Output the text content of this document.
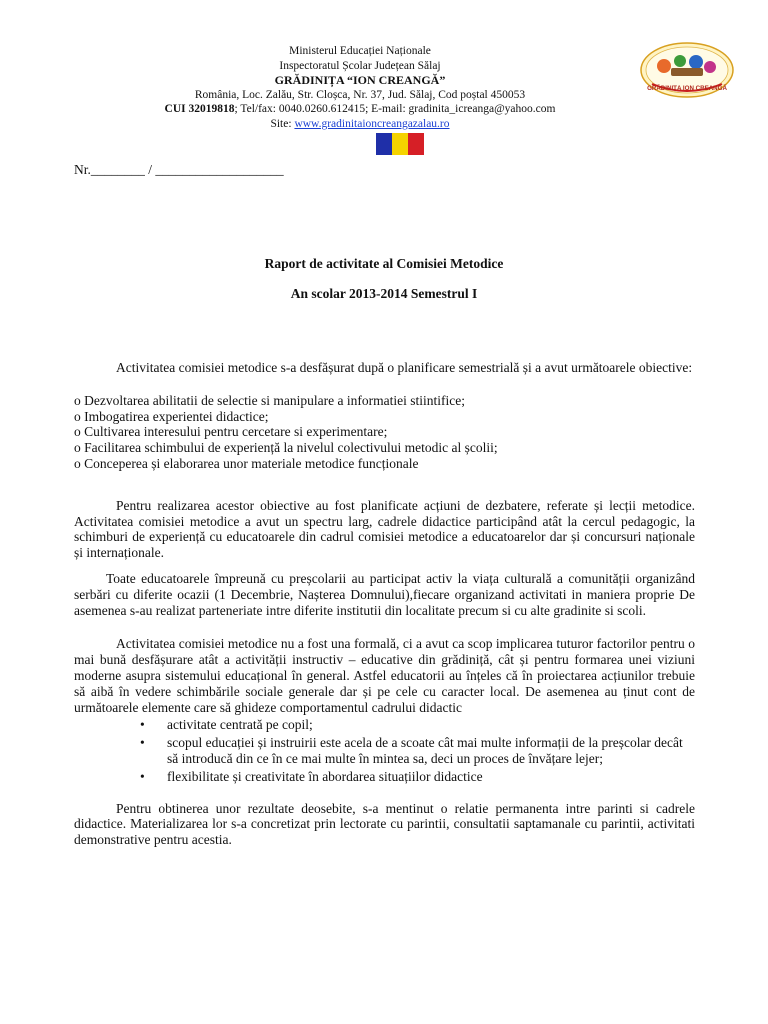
Ministerul Educației Naționale
Inspectoratul Școlar Județean Sălaj
GRĂDINIȚA “ION CREANGĂ”
România, Loc. Zalău, Str. Cloșca, Nr. 37, Jud. Sălaj, Cod poștal 450053
CUI 32019818; Tel/fax: 0040.0260.612415; E-mail: gradinita_icreanga@yahoo.com
Site: www.gradinitaioncreangazalau.ro
GRĂDINIȚA ION CREANGĂ
Nr.________ / ___________________
Raport de activitate al Comisiei Metodice
An scolar 2013-2014 Semestrul I

Activitatea comisiei metodice s-a desfășurat după o planificare semestrială și a avut următoarele obiective:

o Dezvoltarea abilitatii de selectie si manipulare a informatiei stiintifice;
o Imbogatirea experientei didactice;
o Cultivarea interesului pentru cercetare si experimentare;
o Facilitarea schimbului de experiență la nivelul colectivului metodic al școlii;
o Conceperea și elaborarea unor materiale metodice funcționale

Pentru realizarea acestor obiective au fost planificate acțiuni de dezbatere, referate și lecții metodice. Activitatea comisiei metodice a avut un spectru larg, cadrele didactice participând atât la cercul pedagogic, la schimburi de experiență cu educatoarele din cadrul comisiei metodice a educatoarelor dar și concursuri naționale și internaționale.

Toate educatoarele împreună cu preșcolarii au participat activ la viața culturală a comunității organizând serbări cu diferite ocazii (1 Decembrie, Nașterea Domnului),fiecare organizand activitati in maniera proprie De asemenea s-au realizat parteneriate intre diferite institutii din localitate precum si cu alte gradinite si scoli.

Activitatea comisiei metodice nu a fost una formală, ci a avut ca scop implicarea tuturor factorilor pentru o mai bună desfășurare atât a activității instructiv – educative din grădiniță, cât și pentru formarea unei viziuni moderne asupra sistemului educațional în general. Astfel educatorii au înțeles că în proiectarea acțiunilor trebuie să aibă în vedere schimbările sociale generale dar și pe cele cu caracter local. De asemenea au ținut cont de următoarele elemente care să ghideze comportamentul cadrului didactic

• activitate centrată pe copil;
• scopul educației și instruirii este acela de a scoate cât mai multe informații de la preșcolar decât să introducă din ce în ce mai multe în mintea sa, deci un proces de învățare lejer;
• flexibilitate și creativitate în abordarea situațiilor didactice

Pentru obtinerea unor rezultate deosebite, s-a mentinut o relatie permanenta intre parinti si cadrele didactice. Materializarea lor s-a concretizat prin lectorate cu parintii, consultatii saptamanale cu parintii, activitati demonstrative pentru acestia.
